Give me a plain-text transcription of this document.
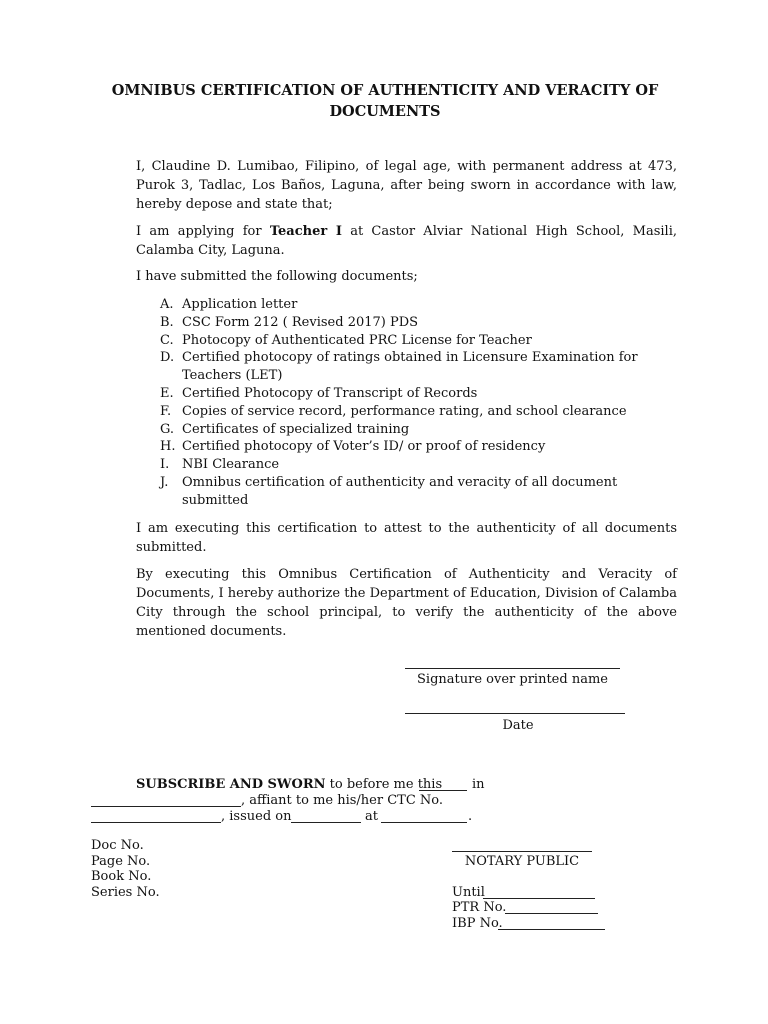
OMNIBUS CERTIFICATION OF AUTHENTICITY AND VERACITY OF DOCUMENTS

I, Claudine D. Lumibao, Filipino, of legal age, with permanent address at 473, Purok 3, Tadlac, Los Baños, Laguna, after being sworn in accordance with law, hereby depose and state that;

I am applying for Teacher I at Castor Alviar National High School, Masili, Calamba City, Laguna.

I have submitted the following documents;

A. Application letter
B. CSC Form 212 ( Revised 2017) PDS
C. Photocopy of Authenticated PRC License for Teacher
D. Certified photocopy of ratings obtained in Licensure Examination for Teachers (LET)
E. Certified Photocopy of Transcript of Records
F. Copies of service record, performance rating, and school clearance
G. Certificates of specialized training
H. Certified photocopy of Voter’s ID/ or proof of residency
I. NBI Clearance
J.	Omnibus certification of authenticity and veracity of all document submitted

I am executing this certification to attest to the authenticity of all documents submitted.

By executing this Omnibus Certification of Authenticity and Veracity of Documents, I hereby authorize the Department of Education, Division of Calamba City through the school principal, to verify the authenticity of the above mentioned documents.

Signature over printed name
Date
SUBSCRIBE AND SWORN to before me this in
, affiant to me his/her CTC No.
, issued on	at	.
Doc No.
Page No.
Book No.
Series No.
NOTARY PUBLIC
Until
PTR No.
IBP No.
